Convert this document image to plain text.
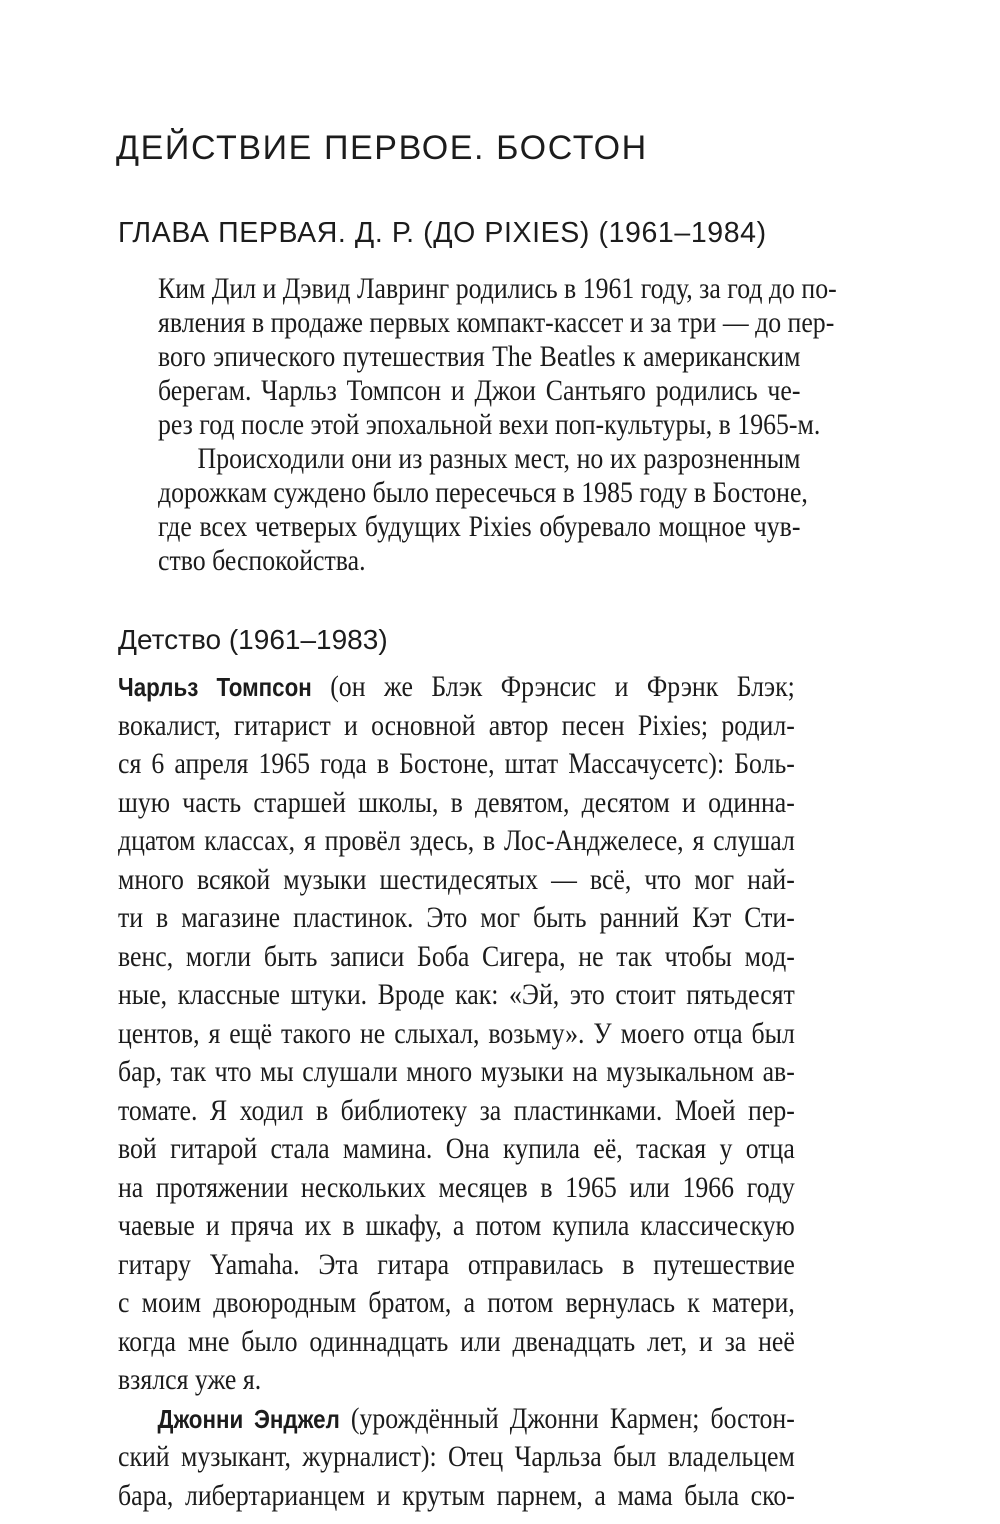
ДЕЙСТВИЕ ПЕРВОЕ. БОСТОН
ГЛАВА ПЕРВАЯ. Д. Р. (ДО PIXIES) (1961–1984)
Ким Дил и Дэвид Лавринг родились в 1961 году, за год до по-
явления в продаже первых компакт-кассет и за три — до пер-
вого эпического путешествия The Beatles к американским
берегам. Чарльз Томпсон и Джои Сантьяго родились че-
рез год после этой эпохальной вехи поп-культуры, в 1965-м.
Происходили они из разных мест, но их разрозненным
дорожкам суждено было пересечься в 1985 году в Бостоне,
где всех четверых будущих Pixies обуревало мощное чув-
ство беспокойства.
Детство (1961–1983)
Чарльз Томпсон (он же Блэк Фрэнсис и Фрэнк Блэк;
вокалист, гитарист и основной автор песен Pixies; родил-
ся 6 апреля 1965 года в Бостоне, штат Массачусетс): Боль-
шую часть старшей школы, в девятом, десятом и одинна-
дцатом классах, я провёл здесь, в Лос-Анджелесе, я слушал
много всякой музыки шестидесятых — всё, что мог най-
ти в магазине пластинок. Это мог быть ранний Кэт Сти-
венс, могли быть записи Боба Сигера, не так чтобы мод-
ные, классные штуки. Вроде как: «Эй, это стоит пятьдесят
центов, я ещё такого не слыхал, возьму». У моего отца был
бар, так что мы слушали много музыки на музыкальном ав-
томате. Я ходил в библиотеку за пластинками. Моей пер-
вой гитарой стала мамина. Она купила её, таская у отца
на протяжении нескольких месяцев в 1965 или 1966 году
чаевые и пряча их в шкафу, а потом купила классическую
гитару Yamaha. Эта гитара отправилась в путешествие
с моим двоюродным братом, а потом вернулась к матери,
когда мне было одиннадцать или двенадцать лет, и за неё
взялся уже я.
Джонни Энджел (урождённый Джонни Кармен; бостон-
ский музыкант, журналист): Отец Чарльза был владельцем
бара, либертарианцем и крутым парнем, а мама была ско-
